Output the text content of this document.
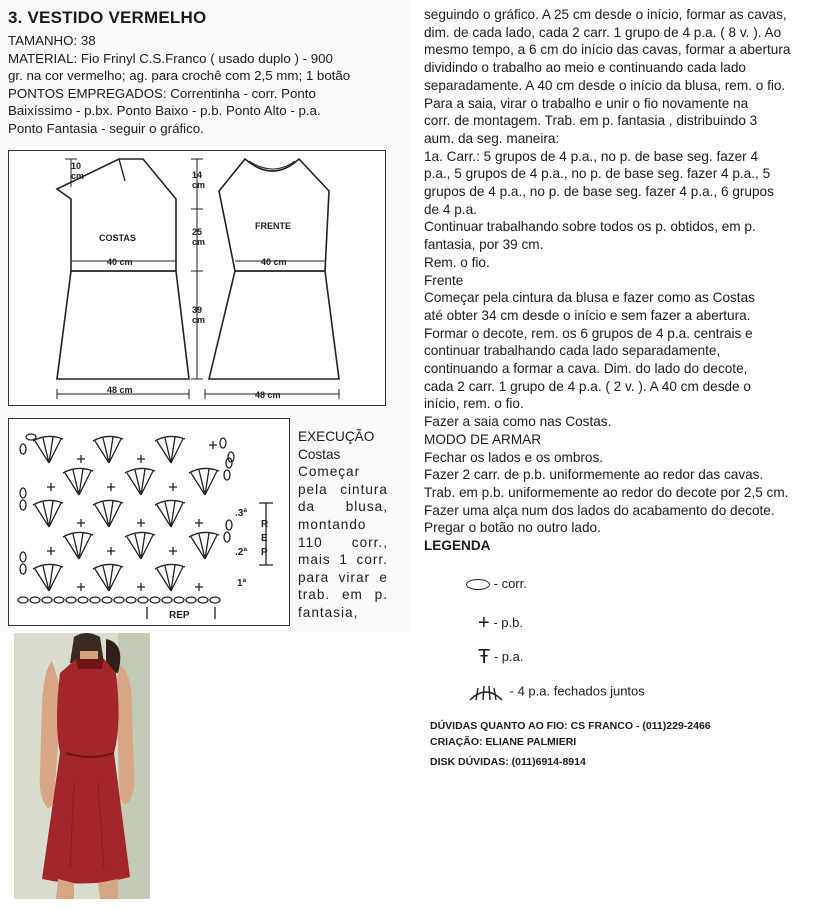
3. VESTIDO VERMELHO
TAMANHO: 38
MATERIAL: Fio Frinyl C.S.Franco ( usado duplo ) - 900
gr. na cor vermelho; ag. para crochê com 2,5 mm; 1 botão
PONTOS EMPREGADOS: Correntinha - corr. Ponto
Baixíssimo - p.bx. Ponto Baixo - p.b. Ponto Alto - p.a.
Ponto Fantasia - seguir o gráfico.
10
cm	14
cm
25
cm
39
cm
COSTAS
FRENTE
40 cm	40 cm
48 cm	48 cm
1ª
.2ª
.3ª
R
E
P
REP
EXECUÇÃO
Costas
Começar
pela cintura
da blusa,
montando
110 corr.,
mais 1 corr.
para virar e
trab. em p.
fantasia,

seguindo o gráfico. A 25 cm desde o início, formar as cavas,

dim. de cada lado, cada 2 carr. 1 grupo de 4 p.a. ( 8 v. ). Ao

mesmo tempo, a 6 cm do início das cavas, formar a abertura

dividindo o trabalho ao meio e continuando cada lado

separadamente. A 40 cm desde o início da blusa, rem. o fio.

Para a saia, virar o trabalho e unir o fio novamente na

corr. de montagem. Trab. em p. fantasia , distribuindo 3

aum. da seg. maneira:

1a. Carr.: 5 grupos de 4 p.a., no p. de base seg. fazer 4

p.a., 5 grupos de 4 p.a., no p. de base seg. fazer 4 p.a., 5

grupos de 4 p.a., no p. de base seg. fazer 4 p.a., 6 grupos

de 4 p.a.

Continuar trabalhando sobre todos os p. obtidos, em p.

fantasia, por 39 cm.

Rem. o fio.

Frente

Começar pela cintura da blusa e fazer como as Costas

até obter 34 cm desde o início e sem fazer a abertura.

Formar o decote, rem. os 6 grupos de 4 p.a. centrais e

continuar trabalhando cada lado separadamente,

continuando a formar a cava. Dim. do lado do decote,

cada 2 carr. 1 grupo de 4 p.a. ( 2 v. ). A 40 cm desde o

início, rem. o fio.

Fazer a saia como nas Costas.

MODO DE ARMAR

Fechar os lados e os ombros.

Fazer 2 carr. de p.b. uniformemente ao redor das cavas.

Trab. em p.b. uniformemente ao redor do decote por 2,5 cm.

Fazer uma alça num dos lados do acabamento do decote.

Pregar o botão no outro lado.

LEGENDA

- corr.
+ - p.b.
Ŧ - p.a.
- 4 p.a. fechados juntos
DÚVIDAS QUANTO AO FIO: CS FRANCO - (011)229-2466
CRIAÇÃO: ELIANE PALMIERI
DISK DÚVIDAS: (011)6914-8914
